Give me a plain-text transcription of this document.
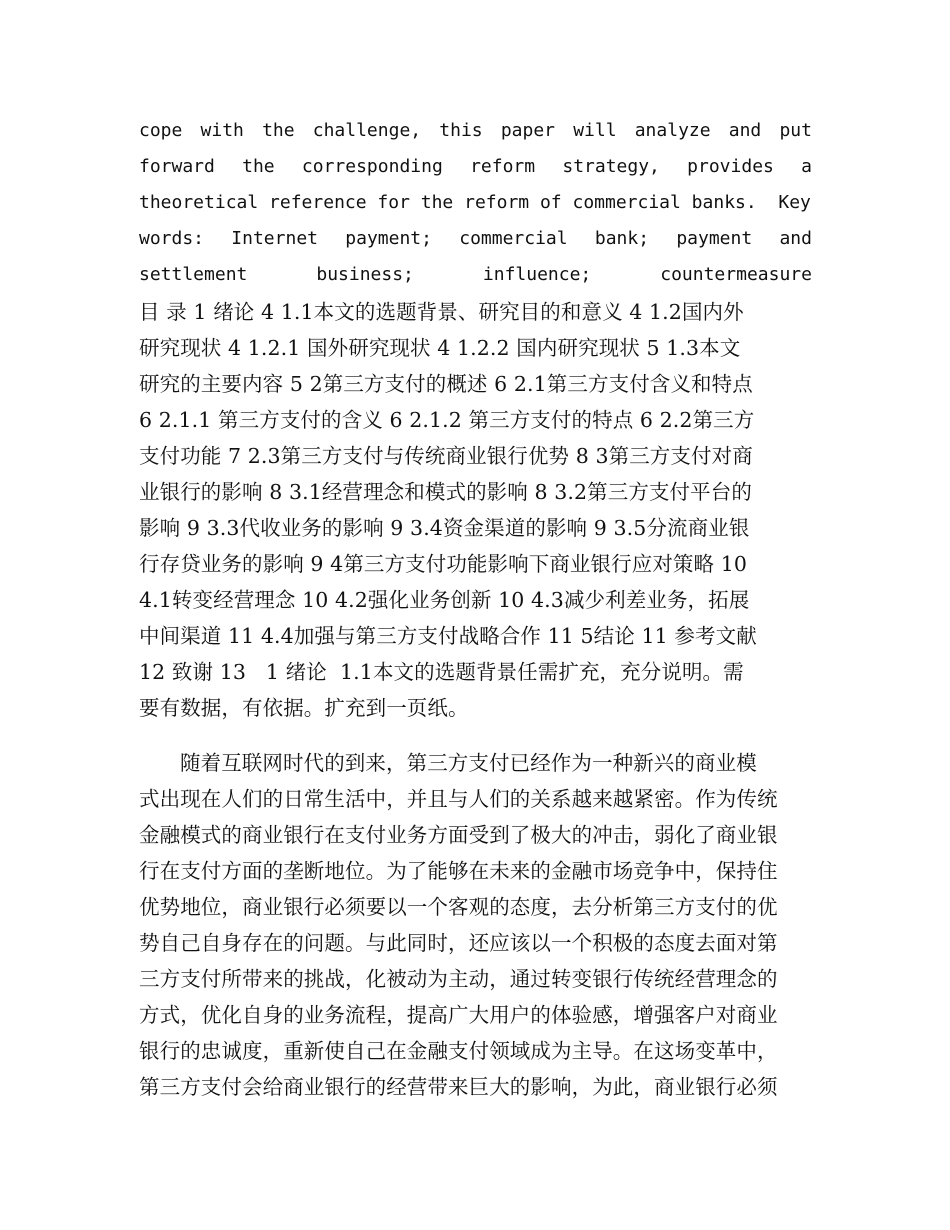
cope with the challenge, this paper will analyze and put
forward the corresponding reform strategy, provides a
theoretical reference for the reform of commercial banks.  Key
words: Internet payment; commercial bank; payment and
settlement	business;	influence;	countermeasure
目 录 1 绪论 4 1.1本文的选题背景、研究目的和意义 4 1.2国内外
研究现状 4 1.2.1 国外研究现状 4 1.2.2 国内研究现状 5 1.3本文
研究的主要内容 5 2第三方支付的概述 6 2.1第三方支付含义和特点
6 2.1.1 第三方支付的含义 6 2.1.2 第三方支付的特点 6 2.2第三方
支付功能 7 2.3第三方支付与传统商业银行优势 8 3第三方支付对商
业银行的影响 8 3.1经营理念和模式的影响 8 3.2第三方支付平台的
影响 9 3.3代收业务的影响 9 3.4资金渠道的影响 9 3.5分流商业银
行存贷业务的影响 9 4第三方支付功能影响下商业银行应对策略 10
4.1转变经营理念 10 4.2强化业务创新 10 4.3减少利差业务，拓展
中间渠道 11 4.4加强与第三方支付战略合作 11 5结论 11 参考文献
12 致谢 13   1 绪论  1.1本文的选题背景任需扩充，充分说明。需
要有数据，有依据。扩充到一页纸。
随着互联网时代的到来，第三方支付已经作为一种新兴的商业模
式出现在人们的日常生活中，并且与人们的关系越来越紧密。作为传统
金融模式的商业银行在支付业务方面受到了极大的冲击，弱化了商业银
行在支付方面的垄断地位。为了能够在未来的金融市场竞争中，保持住
优势地位，商业银行必须要以一个客观的态度，去分析第三方支付的优
势自己自身存在的问题。与此同时，还应该以一个积极的态度去面对第
三方支付所带来的挑战，化被动为主动，通过转变银行传统经营理念的
方式，优化自身的业务流程，提高广大用户的体验感，增强客户对商业
银行的忠诚度，重新使自己在金融支付领域成为主导。在这场变革中，
第三方支付会给商业银行的经营带来巨大的影响，为此，商业银行必须
